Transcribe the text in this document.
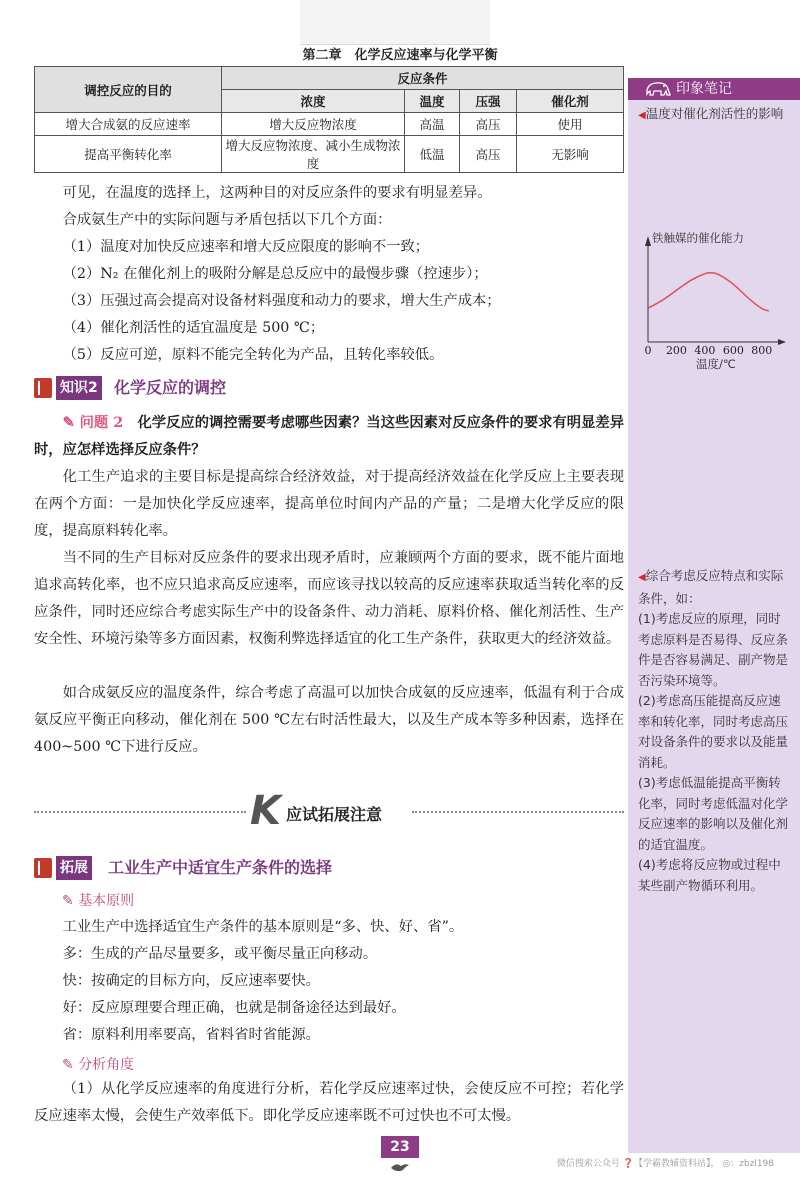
第二章　化学反应速率与化学平衡
调控反应的目的	反应条件			
	浓度	温度	压强	催化剂
增大合成氨的反应速率	增大反应物浓度	高温	高压	使用
提高平衡转化率	增大反应物浓度、减小生成物浓度	低温	高压	无影响
可见，在温度的选择上，这两种目的对反应条件的要求有明显差异。
合成氨生产中的实际问题与矛盾包括以下几个方面：
（1）温度对加快反应速率和增大反应限度的影响不一致；
（2）N₂ 在催化剂上的吸附分解是总反应中的最慢步骤（控速步）；
（3）压强过高会提高对设备材料强度和动力的要求，增大生产成本；
（4）催化剂活性的适宜温度是 500 ℃；
（5）反应可逆，原料不能完全转化为产品，且转化率较低。
知识2 化学反应的调控
✎ 问题 2　 化学反应的调控需要考虑哪些因素？当这些因素对反应条件的要求有明显差异时，应怎样选择反应条件？
化工生产追求的主要目标是提高综合经济效益，对于提高经济效益在化学反应上主要表现在两个方面：一是加快化学反应速率，提高单位时间内产品的产量；二是增大化学反应的限度，提高原料转化率。
当不同的生产目标对反应条件的要求出现矛盾时，应兼顾两个方面的要求，既不能片面地追求高转化率，也不应只追求高反应速率，而应该寻找以较高的反应速率获取适当转化率的反应条件，同时还应综合考虑实际生产中的设备条件、动力消耗、原料价格、催化剂活性、生产安全性、环境污染等多方面因素，权衡利弊选择适宜的化工生产条件，获取更大的经济效益。
如合成氨反应的温度条件，综合考虑了高温可以加快合成氨的反应速率，低温有利于合成氨反应平衡正向移动，催化剂在 500 ℃左右时活性最大，以及生产成本等多种因素，选择在 400~500 ℃下进行反应。
K 应试拓展注意
拓展 工业生产中适宜生产条件的选择
✎ 基本原则
工业生产中选择适宜生产条件的基本原则是“多、快、好、省”。
多：生成的产品尽量要多，或平衡尽量正向移动。
快：按确定的目标方向，反应速率要快。
好：反应原理要合理正确，也就是制备途径达到最好。
省：原料利用率要高，省料省时省能源。
✎ 分析角度
（1）从化学反应速率的角度进行分析，若化学反应速率过快，会使反应不可控；若化学反应速率太慢，会使生产效率低下。即化学反应速率既不可过快也不可太慢。
印象笔记
◀温度对催化剂活性的影响
铁触媒的催化能力
0 200 400 600 800
温度/℃
◀综合考虑反应特点和实际条件，如：
(1)考虑反应的原理，同时考虑原料是否易得、反应条件是否容易满足、副产物是否污染环境等。
(2)考虑高压能提高反应速率和转化率，同时考虑高压对设备条件的要求以及能量消耗。
(3)考虑低温能提高平衡转化率，同时考虑低温对化学反应速率的影响以及催化剂的适宜温度。
(4)考虑将反应物或过程中某些副产物循环利用。
23
微信搜索公众号 ❓【学霸教辅资料站】， ◎：zbzl198
